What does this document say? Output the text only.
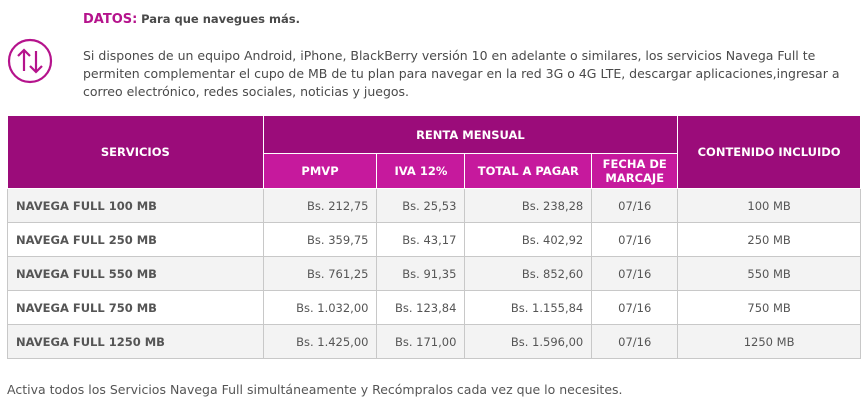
DATOS: Para que navegues más.
Si dispones de un equipo Android, iPhone, BlackBerry versión 10 en adelante o similares, los servicios Navega Full te permiten complementar el cupo de MB de tu plan para navegar en la red 3G o 4G LTE, descargar aplicaciones,ingresar a correo electrónico, redes sociales, noticias y juegos.
SERVICIOS	RENTA MENSUAL				CONTENIDO INCLUIDO
	PMVP	IVA 12%	TOTAL A PAGAR	FECHA DE MARCAJE	
NAVEGA FULL 100 MB	Bs. 212,75	Bs. 25,53	Bs. 238,28	07/16	100 MB
NAVEGA FULL 250 MB	Bs. 359,75	Bs. 43,17	Bs. 402,92	07/16	250 MB
NAVEGA FULL 550 MB	Bs. 761,25	Bs. 91,35	Bs. 852,60	07/16	550 MB
NAVEGA FULL 750 MB	Bs. 1.032,00	Bs. 123,84	Bs. 1.155,84	07/16	750 MB
NAVEGA FULL 1250 MB	Bs. 1.425,00	Bs. 171,00	Bs. 1.596,00	07/16	1250 MB
Activa todos los Servicios Navega Full simultáneamente y Recómpralos cada vez que lo necesites.
